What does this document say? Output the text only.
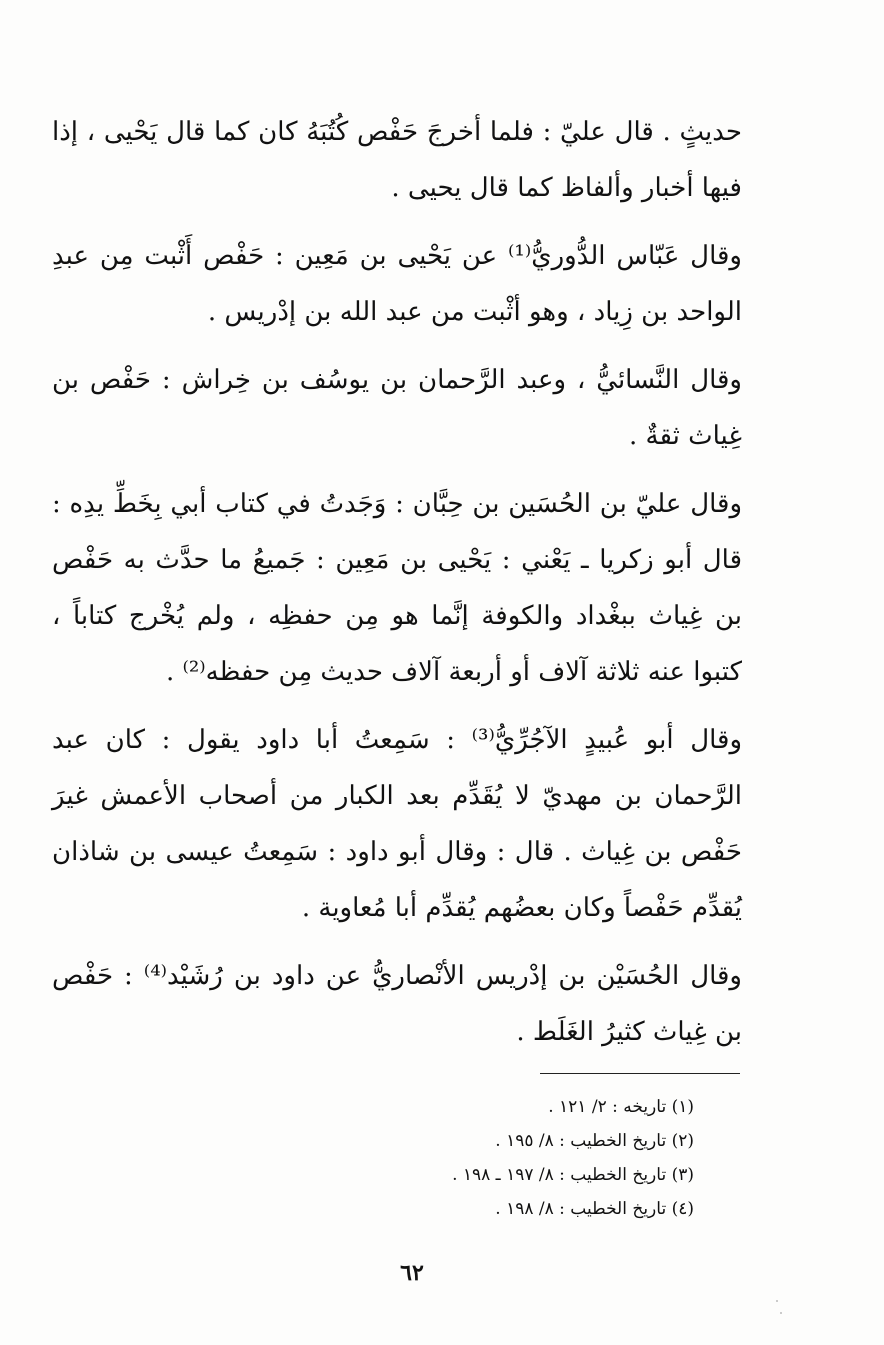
حديثٍ . قال عليّ : فلما أخرجَ حَفْص كُتُبَهُ كان كما قال يَحْيى ، إذا فيها أخبار وألفاظ كما قال يحيى .

وقال عَبّاس الدُّوريُّ⁽¹⁾ عن يَحْيى بن مَعِين : حَفْص أَثْبت مِن عبدِ الواحد بن زِياد ، وهو أثْبت من عبد الله بن إدْريس .

وقال النَّسائيُّ ، وعبد الرَّحمان بن يوسُف بن خِراش : حَفْص بن غِياث ثقةٌ .

وقال عليّ بن الحُسَين بن حِبَّان : وَجَدتُ في كتاب أبي بِخَطِّ يدِه : قال أبو زكريا ـ يَعْني : يَحْيى بن مَعِين : جَميعُ ما حدَّث به حَفْص بن غِياث ببغْداد والكوفة إنَّما هو مِن حفظِه ، ولم يُخْرج كتاباً ، كتبوا عنه ثلاثة آلاف أو أربعة آلاف حديث مِن حفظه⁽²⁾ .

وقال أبو عُبيدٍ الآجُرِّيُّ⁽³⁾ : سَمِعتُ أبا داود يقول : كان عبد الرَّحمان بن مهديّ لا يُقَدِّم بعد الكبار من أصحاب الأعمش غيرَ حَفْص بن غِياث . قال : وقال أبو داود : سَمِعتُ عيسى بن شاذان يُقدِّم حَفْصاً وكان بعضُهم يُقدِّم أبا مُعاوية .

وقال الحُسَيْن بن إدْريس الأنْصاريُّ عن داود بن رُشَيْد⁽⁴⁾ : حَفْص بن غِياث كثيرُ الغَلَط .

(١) تاريخه : ٢/ ١٢١ .
(٢) تاريخ الخطيب : ٨/ ١٩٥ .
(٣) تاريخ الخطيب : ٨/ ١٩٧ ـ ١٩٨ .
(٤) تاريخ الخطيب : ٨/ ١٩٨ .
٦٢
